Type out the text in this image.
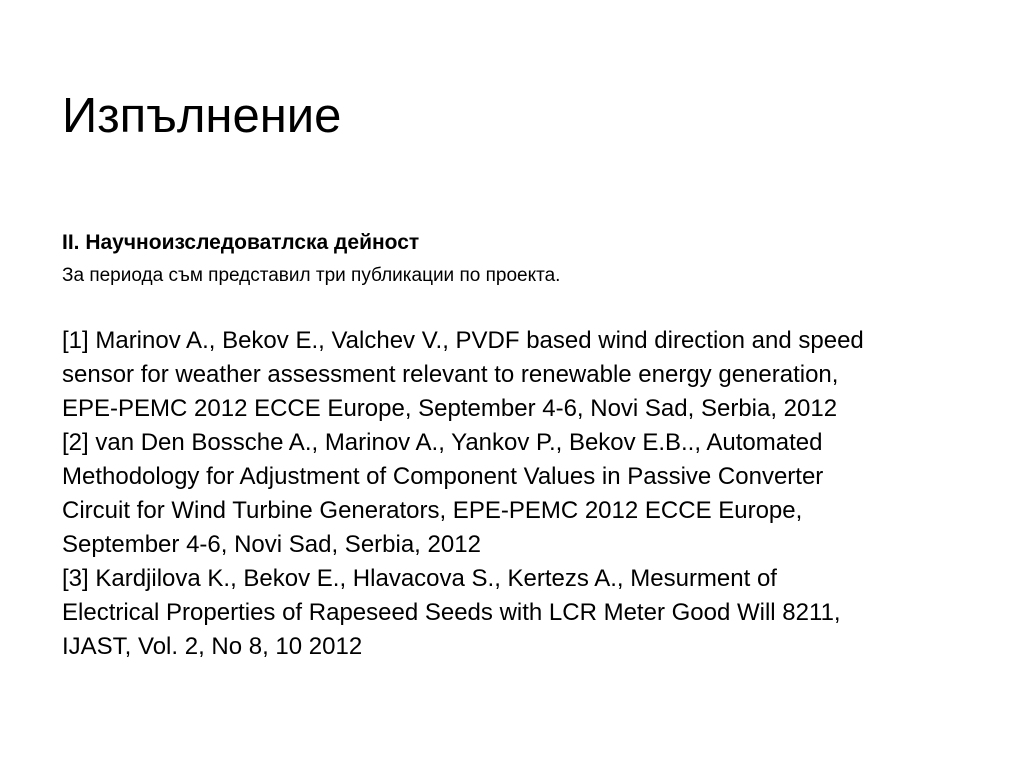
Изпълнение
II. Научноизследоватлска дейност
За периода съм представил три публикации по проекта.
[1] Marinov A., Bekov E., Valchev V., PVDF based wind direction and speed
sensor for weather assessment relevant to renewable energy generation,
EPE-PEMC 2012 ECCE Europe, September 4-6, Novi Sad, Serbia, 2012
[2] van Den Bossche A., Marinov A., Yankov P., Bekov E.B.., Automated
Methodology for Adjustment of Component Values in Passive Converter
Circuit for Wind Turbine Generators, EPE-PEMC 2012 ECCE Europe,
September 4-6, Novi Sad, Serbia, 2012
[3] Kardjilova K., Bekov E., Hlavacova S., Kertezs A., Mesurment of
Electrical Properties of Rapeseed Seeds with LCR Meter Good Will 8211,
IJAST, Vol. 2, No 8, 10 2012
